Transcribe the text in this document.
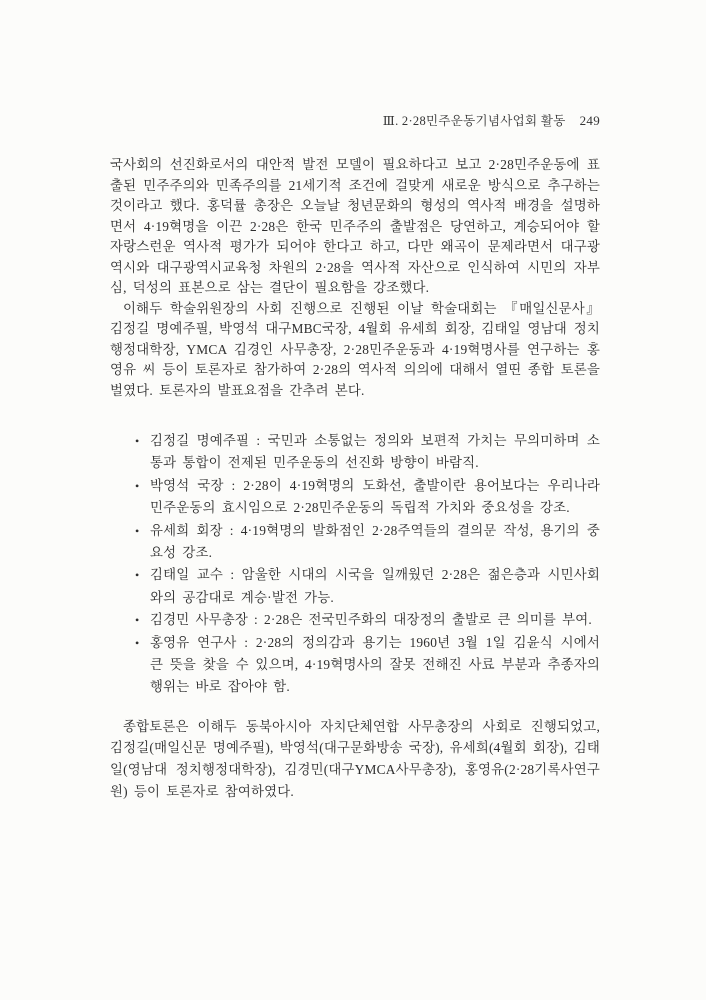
Ⅲ. 2·28민주운동기념사업회 활동 249

국사회의 선진화로서의 대안적 발전 모델이 필요하다고 보고 2·28민주운동에 표출된 민주주의와 민족주의를 21세기적 조건에 걸맞게 새로운 방식으로 추구하는 것이라고 했다. 홍덕률 총장은 오늘날 청년문화의 형성의 역사적 배경을 설명하면서 4·19혁명을 이끈 2·28은 한국 민주주의 출발점은 당연하고, 계승되어야 할 자랑스런운 역사적 평가가 되어야 한다고 하고, 다만 왜곡이 문제라면서 대구광역시와 대구광역시교육청 차원의 2·28을 역사적 자산으로 인식하여 시민의 자부심, 덕성의 표본으로 삼는 결단이 필요함을 강조했다.

이해두 학술위원장의 사회 진행으로 진행된 이날 학술대회는 『매일신문사』 김정길 명예주필, 박영석 대구MBC국장, 4월회 유세희 회장, 김태일 영남대 정치행정대학장, YMCA 김경인 사무총장, 2·28민주운동과 4·19혁명사를 연구하는 홍영유 씨 등이 토론자로 참가하여 2·28의 역사적 의의에 대해서 열띤 종합 토론을 벌였다. 토론자의 발표요점을 간추려 본다.

• 김정길 명예주필 : 국민과 소통없는 정의와 보편적 가치는 무의미하며 소통과 통합이 전제된 민주운동의 선진화 방향이 바람직.
• 박영석 국장 : 2·28이 4·19혁명의 도화선, 출발이란 용어보다는 우리나라 민주운동의 효시임으로 2·28민주운동의 독립적 가치와 중요성을 강조.
• 유세희 회장 : 4·19혁명의 발화점인 2·28주역들의 결의문 작성, 용기의 중요성 강조.
• 김태일 교수 : 암울한 시대의 시국을 일깨웠던 2·28은 젊은층과 시민사회와의 공감대로 계승·발전 가능.
• 김경민 사무총장 : 2·28은 전국민주화의 대장정의 출발로 큰 의미를 부여.
• 홍영유 연구사 : 2·28의 정의감과 용기는 1960년 3월 1일 김윤식 시에서 큰 뜻을 찾을 수 있으며, 4·19혁명사의 잘못 전해진 사료 부분과 추종자의 행위는 바로 잡아야 함.

종합토론은 이해두 동북아시아 자치단체연합 사무총장의 사회로 진행되었고, 김정길(매일신문 명예주필), 박영석(대구문화방송 국장), 유세희(4월회 회장), 김태일(영남대 정치행정대학장), 김경민(대구YMCA사무총장), 홍영유(2·28기록사연구원) 등이 토론자로 참여하였다.
